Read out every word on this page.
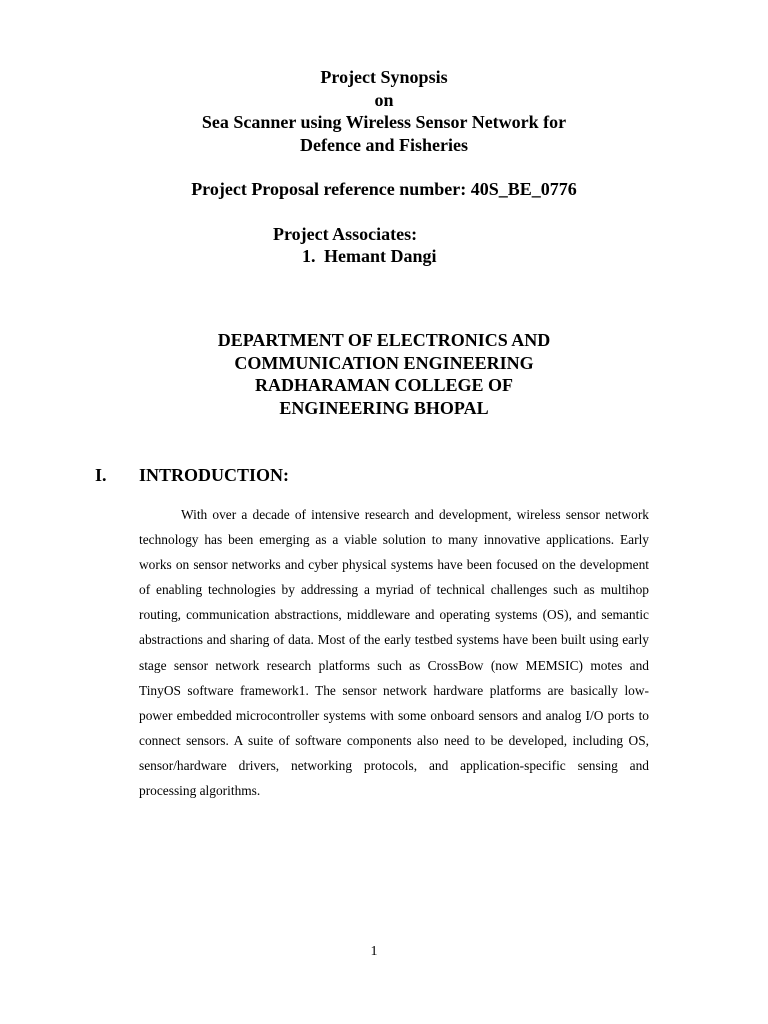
Project Synopsis
on
Sea Scanner using Wireless Sensor Network for
Defence and Fisheries
Project Proposal reference number: 40S_BE_0776
Project Associates:
1. Hemant Dangi
DEPARTMENT OF ELECTRONICS AND
COMMUNICATION ENGINEERING
RADHARAMAN COLLEGE OF
ENGINEERING BHOPAL
I. INTRODUCTION:

With over a decade of intensive research and development, wireless sensor network technology has been emerging as a viable solution to many innovative applications. Early works on sensor networks and cyber physical systems have been focused on the development of enabling technologies by addressing a myriad of technical challenges such as multihop routing, communication abstractions, middleware and operating systems (OS), and semantic abstractions and sharing of data. Most of the early testbed systems have been built using early stage sensor network research platforms such as CrossBow (now MEMSIC) motes and TinyOS software framework1. The sensor network hardware platforms are basically low-power embedded microcontroller systems with some onboard sensors and analog I/O ports to connect sensors. A suite of software components also need to be developed, including OS, sensor/hardware drivers, networking protocols, and application-specific sensing and processing algorithms.

1
